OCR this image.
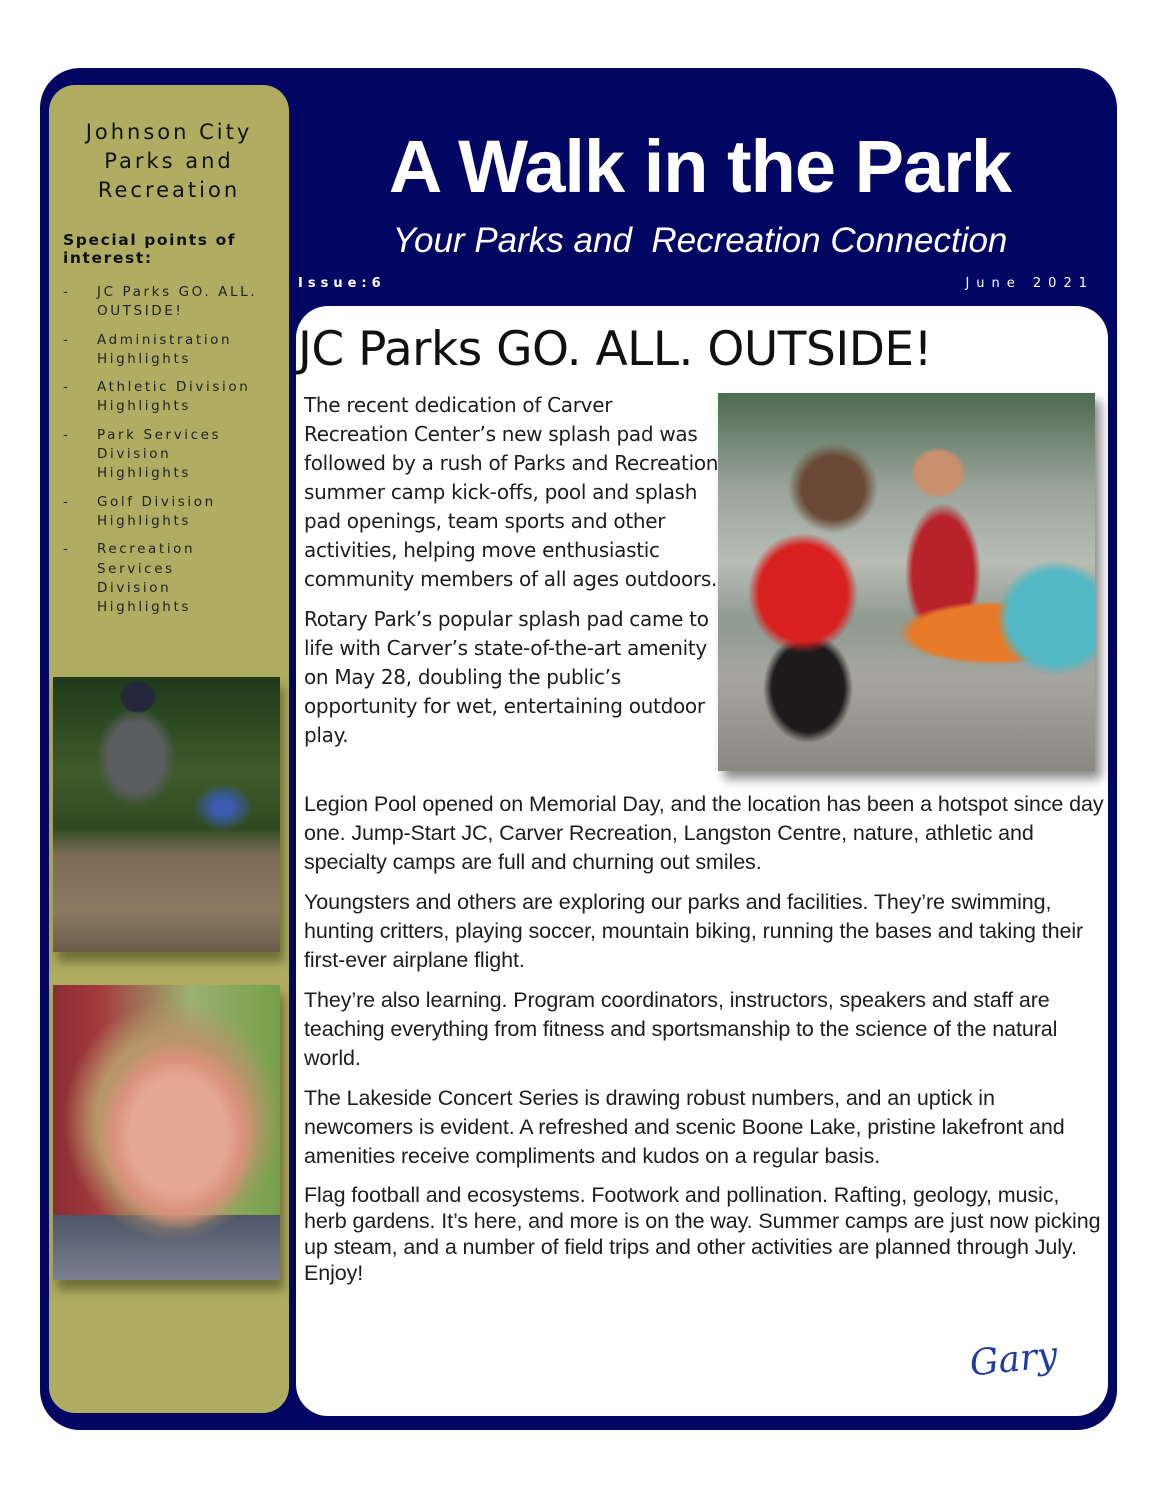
Johnson City Parks and Recreation
Special points of interest:
-	JC Parks GO. ALL. OUTSIDE!
-	Administration Highlights
-	Athletic Division Highlights
-	Park Services Division Highlights
-	Golf Division Highlights
-	Recreation Services Division Highlights
A Walk in the Park
Your Parks and  Recreation Connection
Issue:6	June 2021
JC Parks GO. ALL. OUTSIDE!

The recent dedication of Carver Recreation Center’s new splash pad was followed by a rush of Parks and Recreation summer camp kick-offs, pool and splash pad openings, team sports and other activities, helping move enthusiastic community members of all ages outdoors.

Rotary Park’s popular splash pad came to life with Carver’s state-of-the-art amenity on May 28, doubling the public’s opportunity for wet, entertaining outdoor play.

Legion Pool opened on Memorial Day, and the location has been a hotspot since day one. Jump-Start JC, Carver Recreation, Langston Centre, nature, athletic and specialty camps are full and churning out smiles.

Youngsters and others are exploring our parks and facilities. They’re swimming, hunting critters, playing soccer, mountain biking, running the bases and taking their first-ever airplane flight.

They’re also learning. Program coordinators, instructors, speakers and staff are teaching everything from fitness and sportsmanship to the science of the natural world.

The Lakeside Concert Series is drawing robust numbers, and an uptick in newcomers is evident. A refreshed and scenic Boone Lake, pristine lakefront and amenities receive compliments and kudos on a regular basis.

Flag football and ecosystems. Footwork and pollination. Rafting, geology, music, herb gardens. It’s here, and more is on the way. Summer camps are just now picking up steam, and a number of field trips and other activities are planned through July. Enjoy!

Gary
